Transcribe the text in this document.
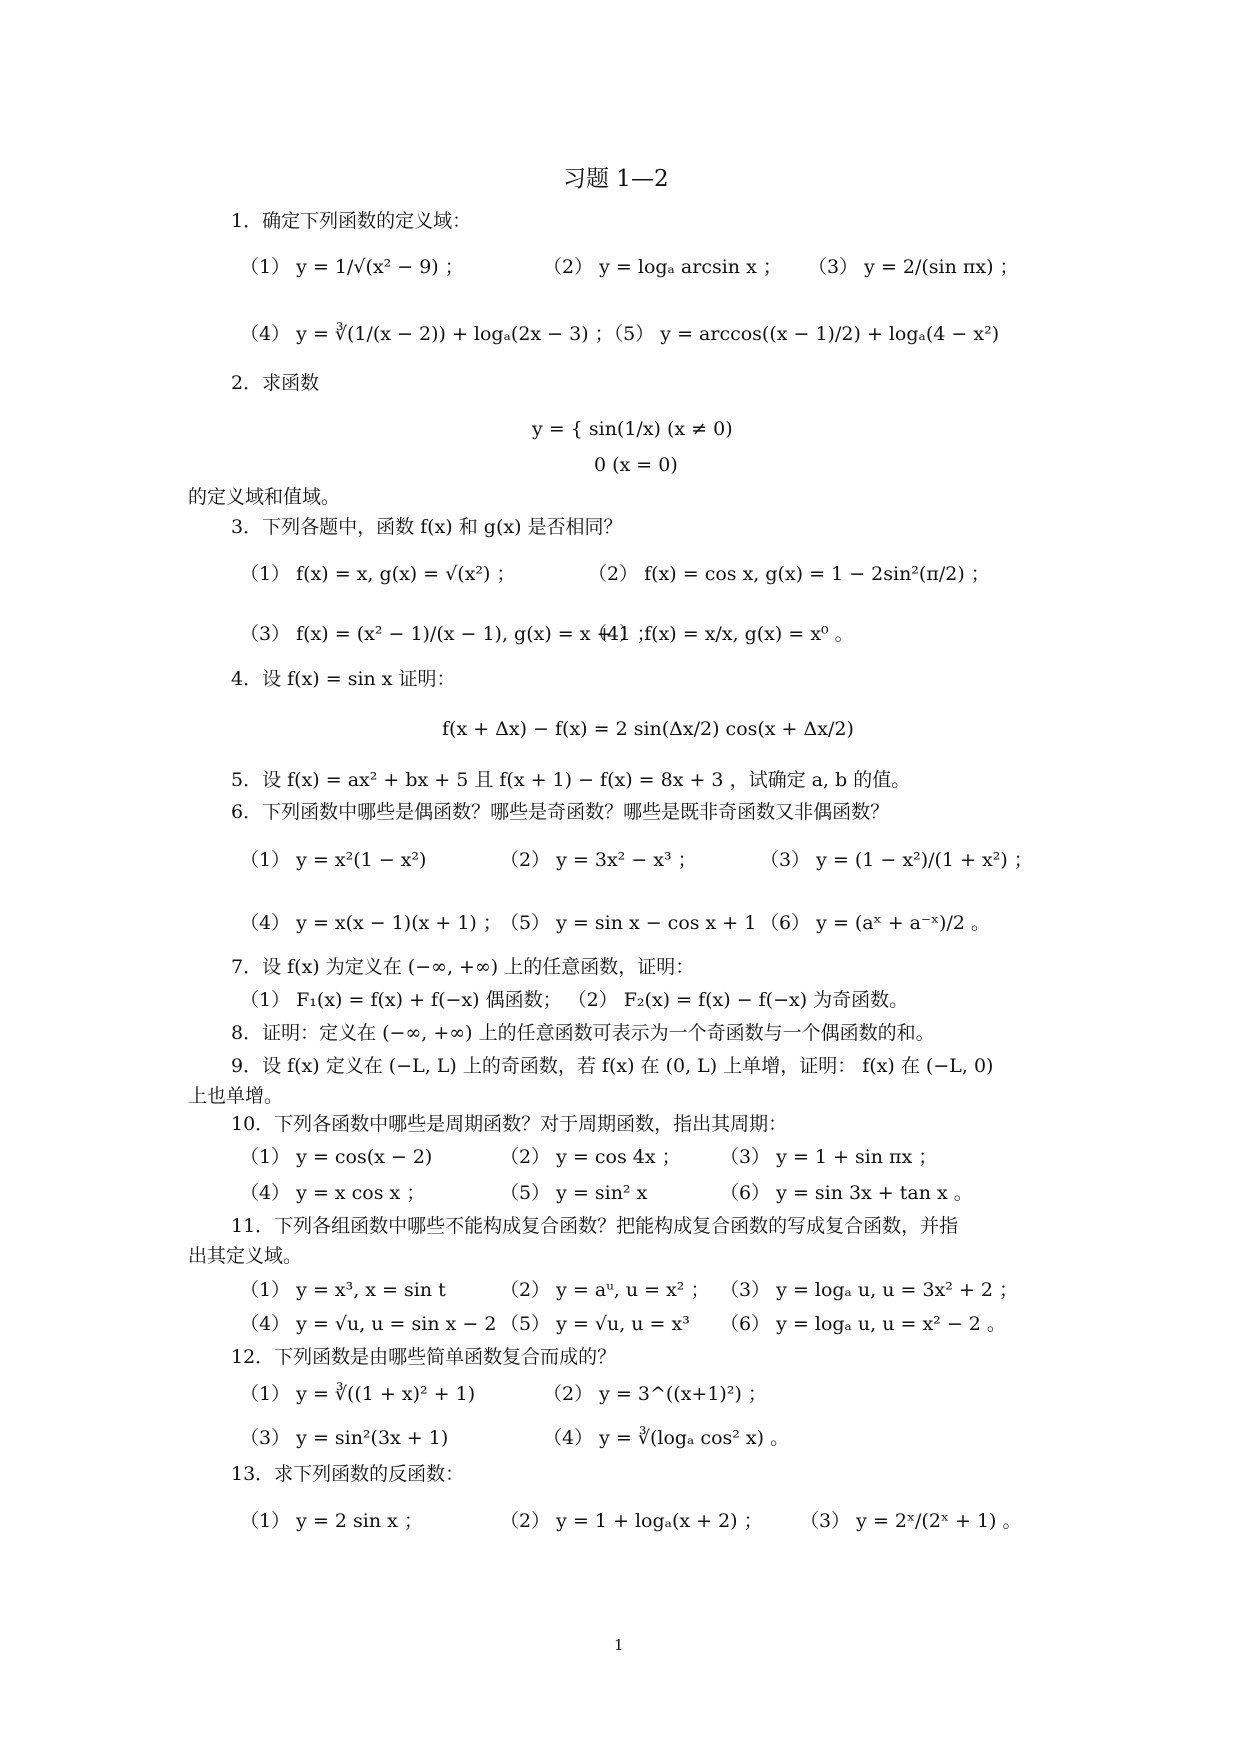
习题 1—2
1．确定下列函数的定义域：
（1） y = 1/√(x² − 9) ；	（2） y = logₐ arcsin x ； （3） y = 2/(sin πx) ；
（4） y = ∛(1/(x − 2)) + logₐ(2x − 3) ；（5） y = arccos((x − 1)/2) + logₐ(4 − x²)
2．求函数
y = { sin(1/x) (x ≠ 0)
0 (x = 0)
的定义域和值域。
3．下列各题中，函数 f(x) 和 g(x) 是否相同？
（1） f(x) = x, g(x) = √(x²) ；	（2） f(x) = cos x, g(x) = 1 − 2sin²(π/2) ；
（3） f(x) = (x² − 1)/(x − 1), g(x) = x + 1 ；
（4） f(x) = x/x, g(x) = x⁰ 。
4．设 f(x) = sin x 证明：
f(x + Δx) − f(x) = 2 sin(Δx/2) cos(x + Δx/2)
5．设 f(x) = ax² + bx + 5 且 f(x + 1) − f(x) = 8x + 3 ，试确定 a, b 的值。
6．下列函数中哪些是偶函数？哪些是奇函数？哪些是既非奇函数又非偶函数？
（1） y = x²(1 − x²)	（2） y = 3x² − x³ ；	（3） y = (1 − x²)/(1 + x²) ；
（4） y = x(x − 1)(x + 1) ；
（5） y = sin x − cos x + 1 （6） y = (aˣ + a⁻ˣ)/2 。
7．设 f(x) 为定义在 (−∞, +∞) 上的任意函数，证明：
（1） F₁(x) = f(x) + f(−x) 偶函数； （2） F₂(x) = f(x) − f(−x) 为奇函数。
8．证明：定义在 (−∞, +∞) 上的任意函数可表示为一个奇函数与一个偶函数的和。
9．设 f(x) 定义在 (−L, L) 上的奇函数，若 f(x) 在 (0, L) 上单增，证明： f(x) 在 (−L, 0)
上也单增。
10．下列各函数中哪些是周期函数？对于周期函数，指出其周期：
（1） y = cos(x − 2)	（2） y = cos 4x ； （3） y = 1 + sin πx ；
（4） y = x cos x ；	（5） y = sin² x	（6） y = sin 3x + tan x 。
11．下列各组函数中哪些不能构成复合函数？把能构成复合函数的写成复合函数，并指
出其定义域。
（1） y = x³, x = sin t	（2） y = aᵘ, u = x² ； （3） y = logₐ u, u = 3x² + 2 ；
（4） y = √u, u = sin x − 2 （5） y = √u, u = x³ （6） y = logₐ u, u = x² − 2 。
12．下列函数是由哪些简单函数复合而成的？
（1） y = ∛((1 + x)² + 1)	（2） y = 3^((x+1)²) ；
（3） y = sin²(3x + 1)	（4） y = ∛(logₐ cos² x) 。
13．求下列函数的反函数：
（1） y = 2 sin x ；	（2） y = 1 + logₐ(x + 2) ； （3） y = 2ˣ/(2ˣ + 1) 。
1
